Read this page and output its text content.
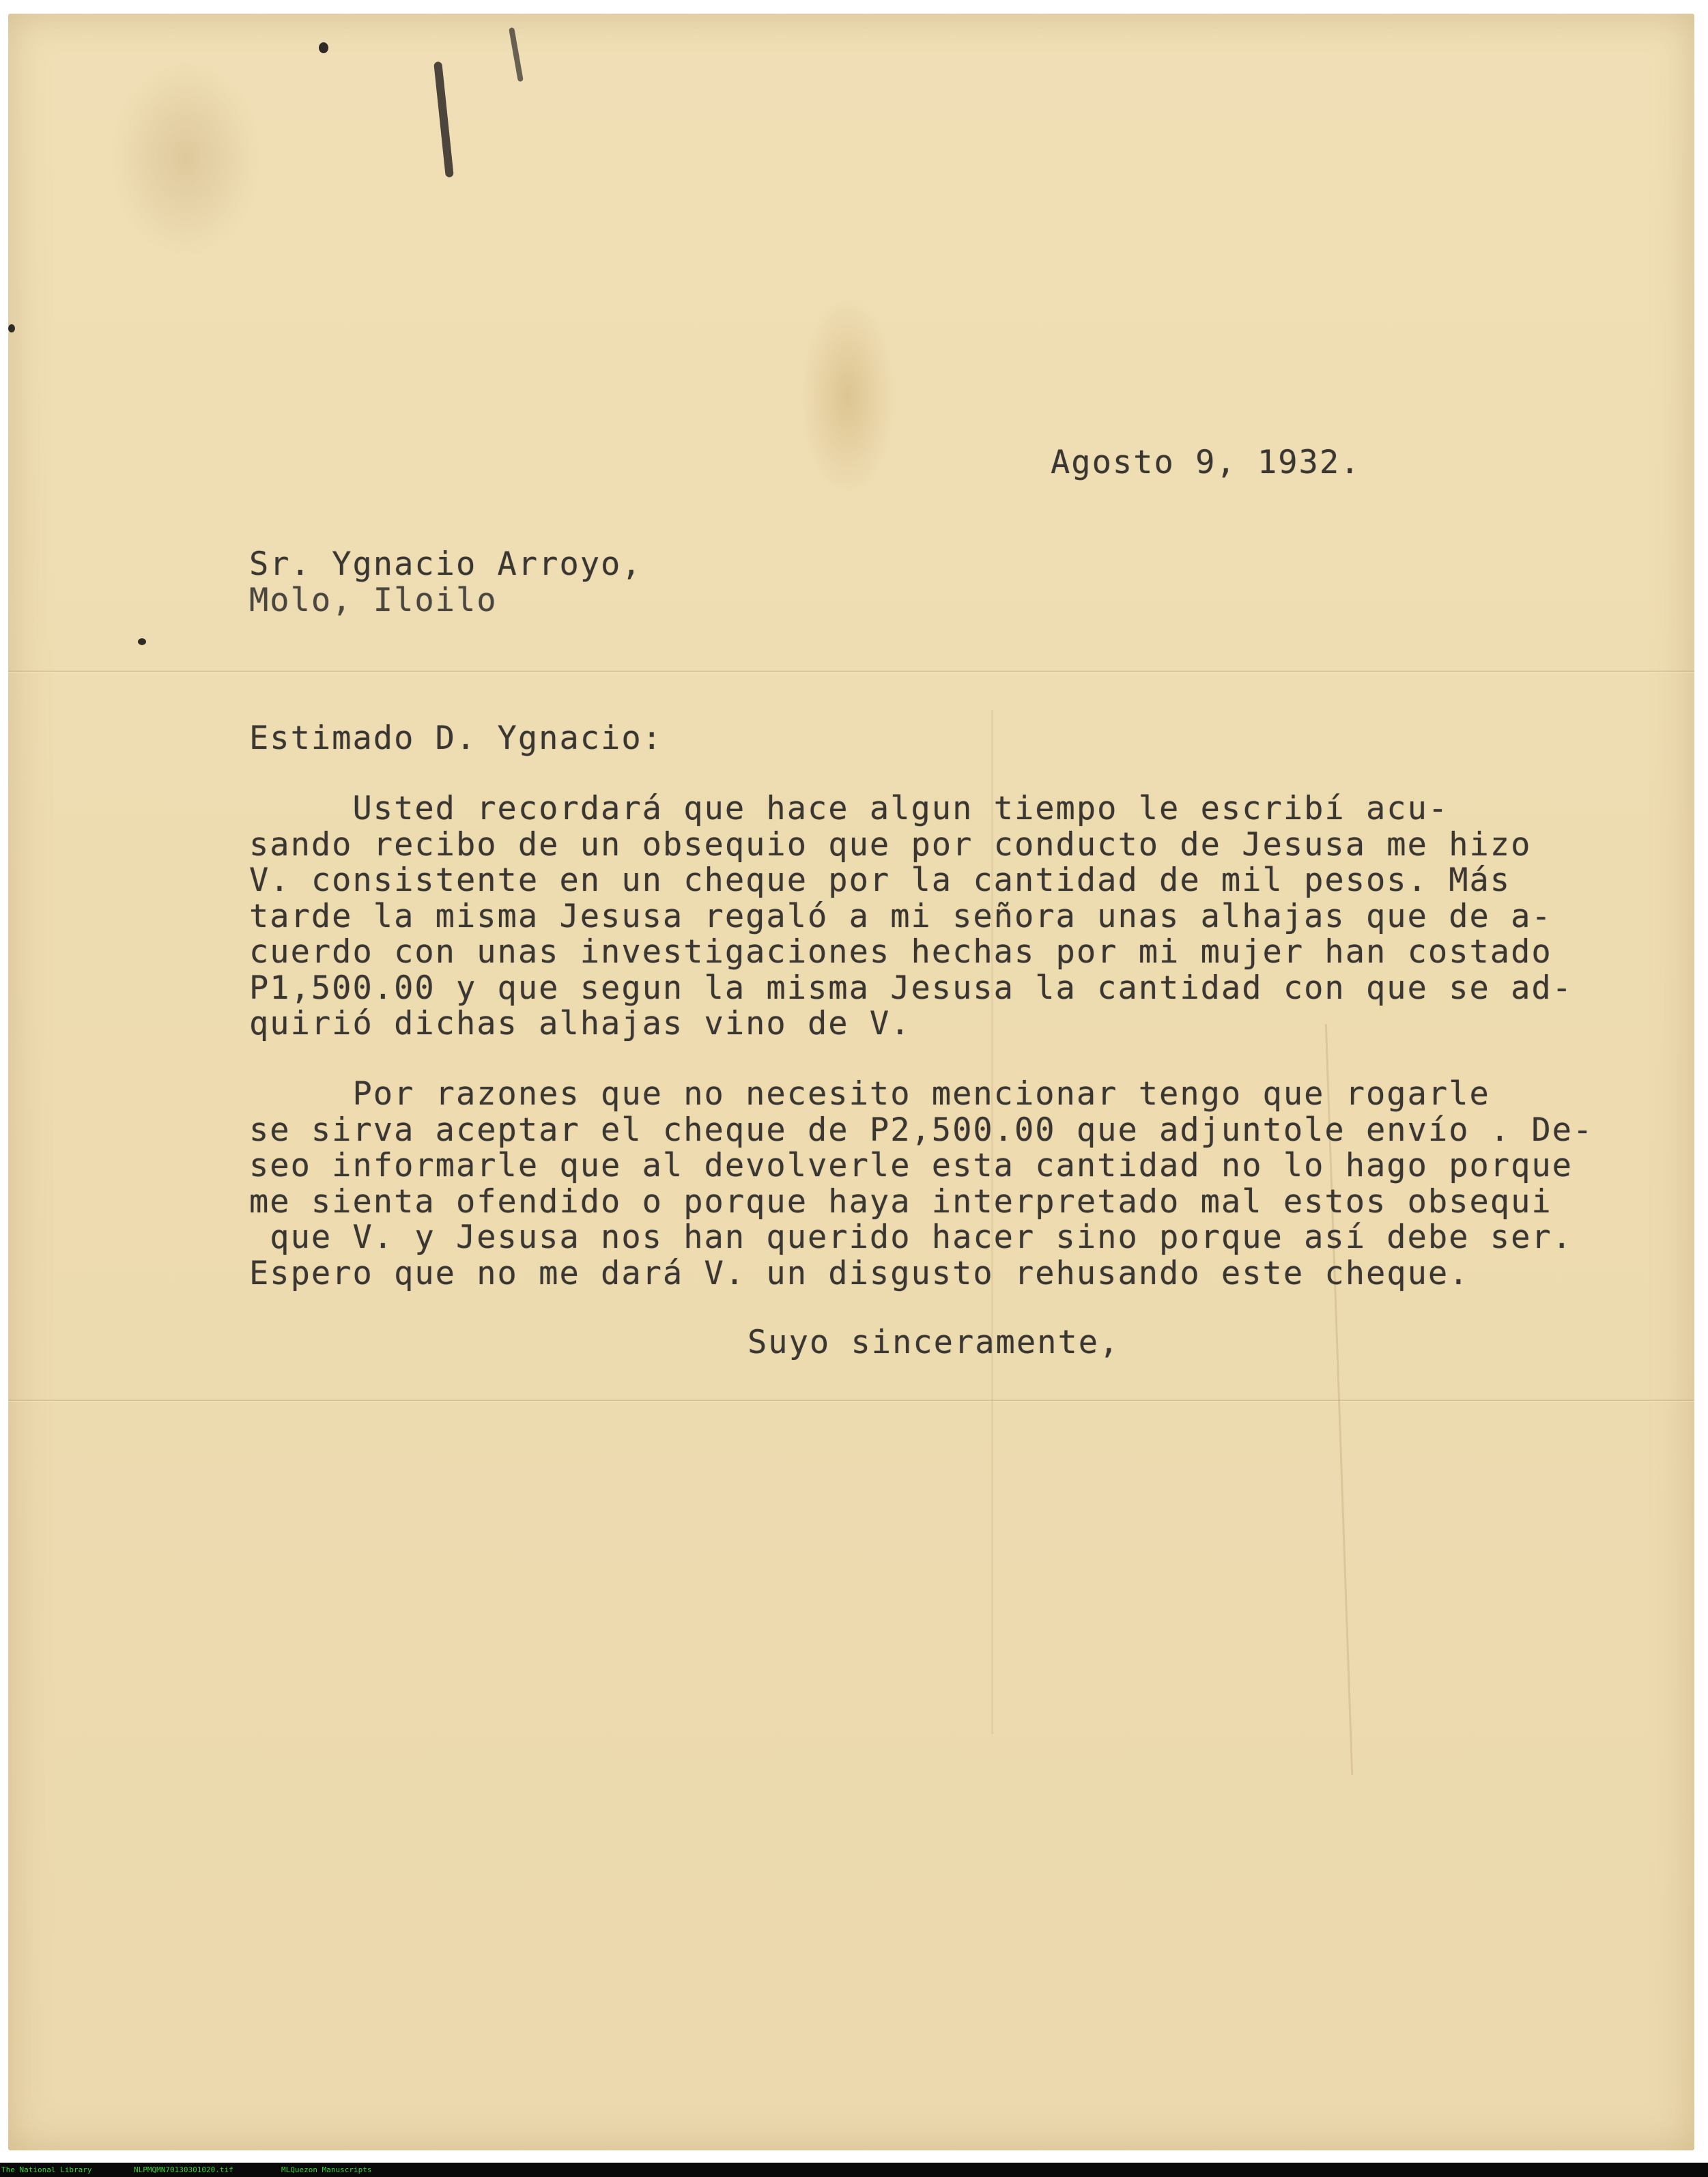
Agosto 9, 1932.
Sr. Ygnacio Arroyo,
Molo, Iloilo
Estimado D. Ygnacio:
Usted recordará que hace algun tiempo le escribí acu-
sando recibo de un obsequio que por conducto de Jesusa me hizo
V. consistente en un cheque por la cantidad de mil pesos. Más
tarde la misma Jesusa regaló a mi señora unas alhajas que de a-
cuerdo con unas investigaciones hechas por mi mujer han costado
P1,500.00 y que segun la misma Jesusa la cantidad con que se ad-
quirió dichas alhajas vino de V.
Por razones que no necesito mencionar tengo que rogarle
se sirva aceptar el cheque de P2,500.00 que adjuntole envío . De-
seo informarle que al devolverle esta cantidad no lo hago porque
me sienta ofendido o porque haya interpretado mal estos obsequi
que V. y Jesusa nos han querido hacer sino porque así debe ser.
Espero que no me dará V. un disgusto rehusando este cheque.
Suyo sinceramente,
The National Library	NLPMQMN70130301020.tif	MLQuezon Manuscripts
